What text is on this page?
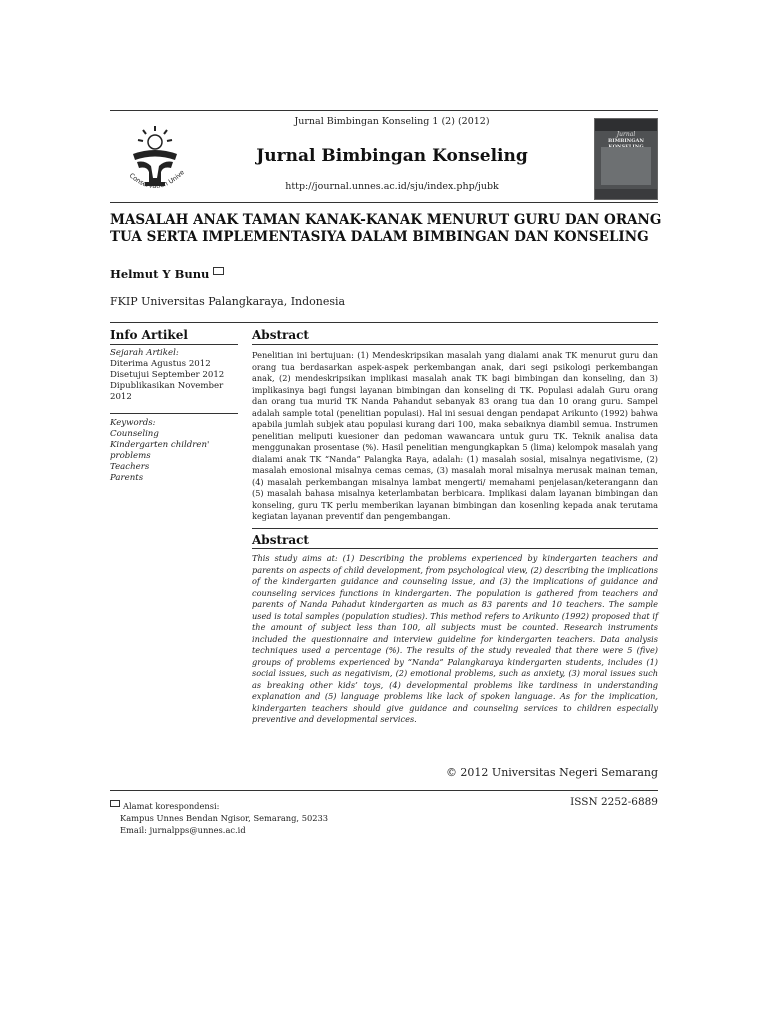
Conservation Unive
Jurnal Bimbingan Konseling 1 (2) (2012)
Jurnal Bimbingan Konseling
http://journal.unnes.ac.id/sju/index.php/jubk
Jurnal
BIMBINGAN
MASALAH ANAK TAMAN KANAK-KANAK MENURUT GURU DAN ORANG
TUA SERTA IMPLEMENTASIYA DALAM BIMBINGAN DAN KONSELING
Helmut Y Bunu
FKIP Universitas Palangkaraya, Indonesia
Info Artikel	Abstract
Sejarah Artikel:
Diterima Agustus 2012
Disetujui September 2012
Dipublikasikan November
2012
Keywords:
Counseling
Kindergarten children'
problems
Teachers
Parents
Penelitian ini bertujuan: (1) Mendeskripsikan masalah yang dialami anak TK menurut guru dan orang tua berdasarkan aspek-aspek perkembangan anak, dari segi psikologi perkembangan anak, (2) mendeskripsikan implikasi masalah anak TK bagi bimbingan dan konseling, dan 3) implikasinya bagi fungsi layanan bimbingan dan konseling di TK. Populasi adalah Guru orang dan orang tua murid TK Nanda Pahandut sebanyak 83 orang tua dan 10 orang guru. Sampel adalah sample total (penelitian populasi). Hal ini sesuai dengan pendapat Arikunto (1992) bahwa apabila jumlah subjek atau populasi kurang dari 100, maka sebaiknya diambil semua. Instrumen penelitian meliputi kuesioner dan pedoman wawancara untuk guru TK. Teknik analisa data menggunakan prosentase (%). Hasil penelitian mengungkapkan 5 (lima) kelompok masalah yang dialami anak TK “Nanda” Palangka Raya, adalah: (1) masalah sosial, misalnya negativisme, (2) masalah emosional misalnya cemas cemas, (3) masalah moral misalnya merusak mainan teman, (4) masalah perkembangan misalnya lambat mengerti/ memahami penjelasan/keterangann dan (5) masalah bahasa misalnya keterlambatan berbicara. Implikasi dalam layanan bimbingan dan konseling, guru TK perlu memberikan layanan bimbingan dan kosenling kepada anak terutama kegiatan layanan preventif dan pengembangan.
Abstract
This study aims at: (1) Describing the problems experienced by kindergarten teachers and parents on aspects of child development, from psychological view, (2) describing the implications of the kindergarten guidance and counseling issue, and (3) the implications of guidance and counseling services functions in kindergarten. The population is gathered from teachers and parents of Nanda Pahadut kindergarten as much as 83 parents and 10 teachers. The sample used is total samples (population studies). This method refers to Arikunto (1992) proposed that if the amount of subject less than 100, all subjects must be counted. Research instruments included the questionnaire and interview guideline for kindergarten teachers. Data analysis techniques used a percentage (%). The results of the study revealed that there were 5 (five) groups of problems experienced by “Nanda” Palangkaraya kindergarten students, includes (1) social issues, such as negativism, (2) emotional problems, such as anxiety, (3) moral issues such as breaking other kids’ toys, (4) developmental problems like tardiness in understanding explanation and (5) language problems like lack of spoken language. As for the implication, kindergarten teachers should give guidance and counseling services to children especially preventive and developmental services.
© 2012 Universitas Negeri Semarang
ISSN 2252-6889
Alamat korespondensi:
Kampus Unnes Bendan Ngisor, Semarang, 50233
Email: jurnalpps@unnes.ac.id
